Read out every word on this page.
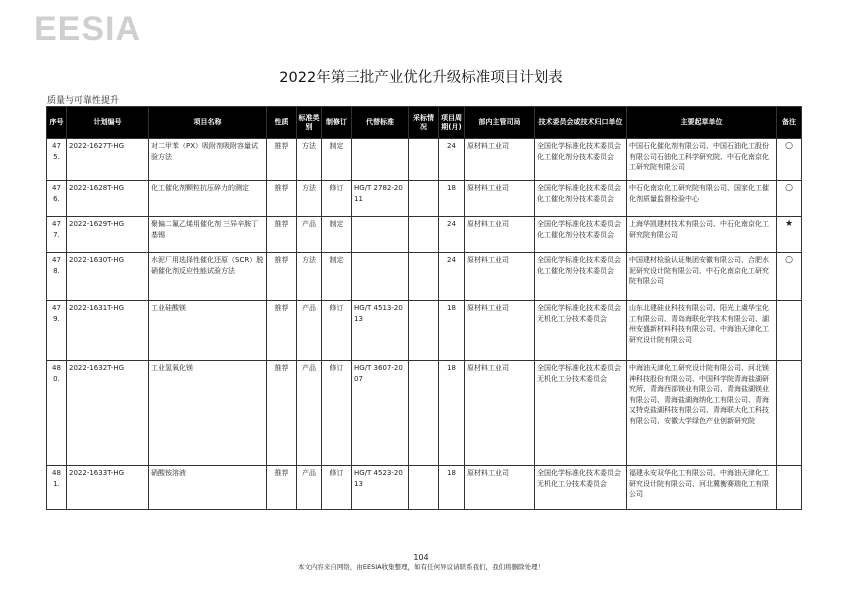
EESIA
2022年第三批产业优化升级标准项目计划表
质量与可靠性提升
序号	计划编号	项目名称	性质	标准类别	制修订	代替标准	采标情况	项目周期(月)	部内主管司局	技术委员会或技术归口单位	主要起草单位	备注
475.	2022-1627T-HG	对二甲苯（PX）吸附剂吸附容量试验方法	推荐	方法	制定			24	原材料工业司	全国化学标准化技术委员会化工催化剂分技术委员会	中国石化催化剂有限公司、中国石油化工股份有限公司石油化工科学研究院、中石化南京化工研究院有限公司	○
476.	2022-1628T-HG	化工催化剂颗粒抗压碎力的测定	推荐	方法	修订	HG/T 2782-2011		18	原材料工业司	全国化学标准化技术委员会化工催化剂分技术委员会	中石化南京化工研究院有限公司、国家化工催化剂质量监督检验中心	○
477.	2022-1629T-HG	聚偏二氟乙烯用催化剂 三异辛胺丁基锡	推荐	产品	制定			24	原材料工业司	全国化学标准化技术委员会化工催化剂分技术委员会	上海华凯建材技术有限公司、中石化南京化工研究院有限公司	★
478.	2022-1630T-HG	水泥厂用选择性催化还原（SCR）脱硝催化剂反应性能试验方法	推荐	方法	制定			24	原材料工业司	全国化学标准化技术委员会化工催化剂分技术委员会	中国建材检验认证集团安徽有限公司、合肥水泥研究设计院有限公司、中石化南京化工研究院有限公司	○
479.	2022-1631T-HG	工业硅酸镁	推荐	产品	修订	HG/T 4513-2013		18	原材料工业司	全国化学标准化技术委员会无机化工分技术委员会	山东北建硅业科技有限公司、阳光上虞华宝化工有限公司、青岛海联化学技术有限公司、湖州安盛新材料科技有限公司、中海油天津化工研究设计院有限公司	
480.	2022-1632T-HG	工业氢氧化镁	推荐	产品	修订	HG/T 3607-2007		18	原材料工业司	全国化学标准化技术委员会无机化工分技术委员会	中海油天津化工研究设计院有限公司、河北镁神科技股份有限公司、中国科学院青海盐湖研究所、青海西部镁业有限公司、青海盐湖镁业有限公司、青海盐湖海纳化工有限公司、青海又特克盐湖科技有限公司、青海联大化工科技有限公司、安徽大学绿色产业创新研究院	
481.	2022-1633T-HG	硝酸铵溶液	推荐	产品	修订	HG/T 4523-2013		18	原材料工业司	全国化学标准化技术委员会无机化工分技术委员会	福建永安双华化工有限公司、中海油天津化工研究设计院有限公司、河北冀衡赛瑞化工有限公司	
104
本文内容来自网络，由EESIA收集整理，如有任何异议请联系我们，我们将删除处理！
